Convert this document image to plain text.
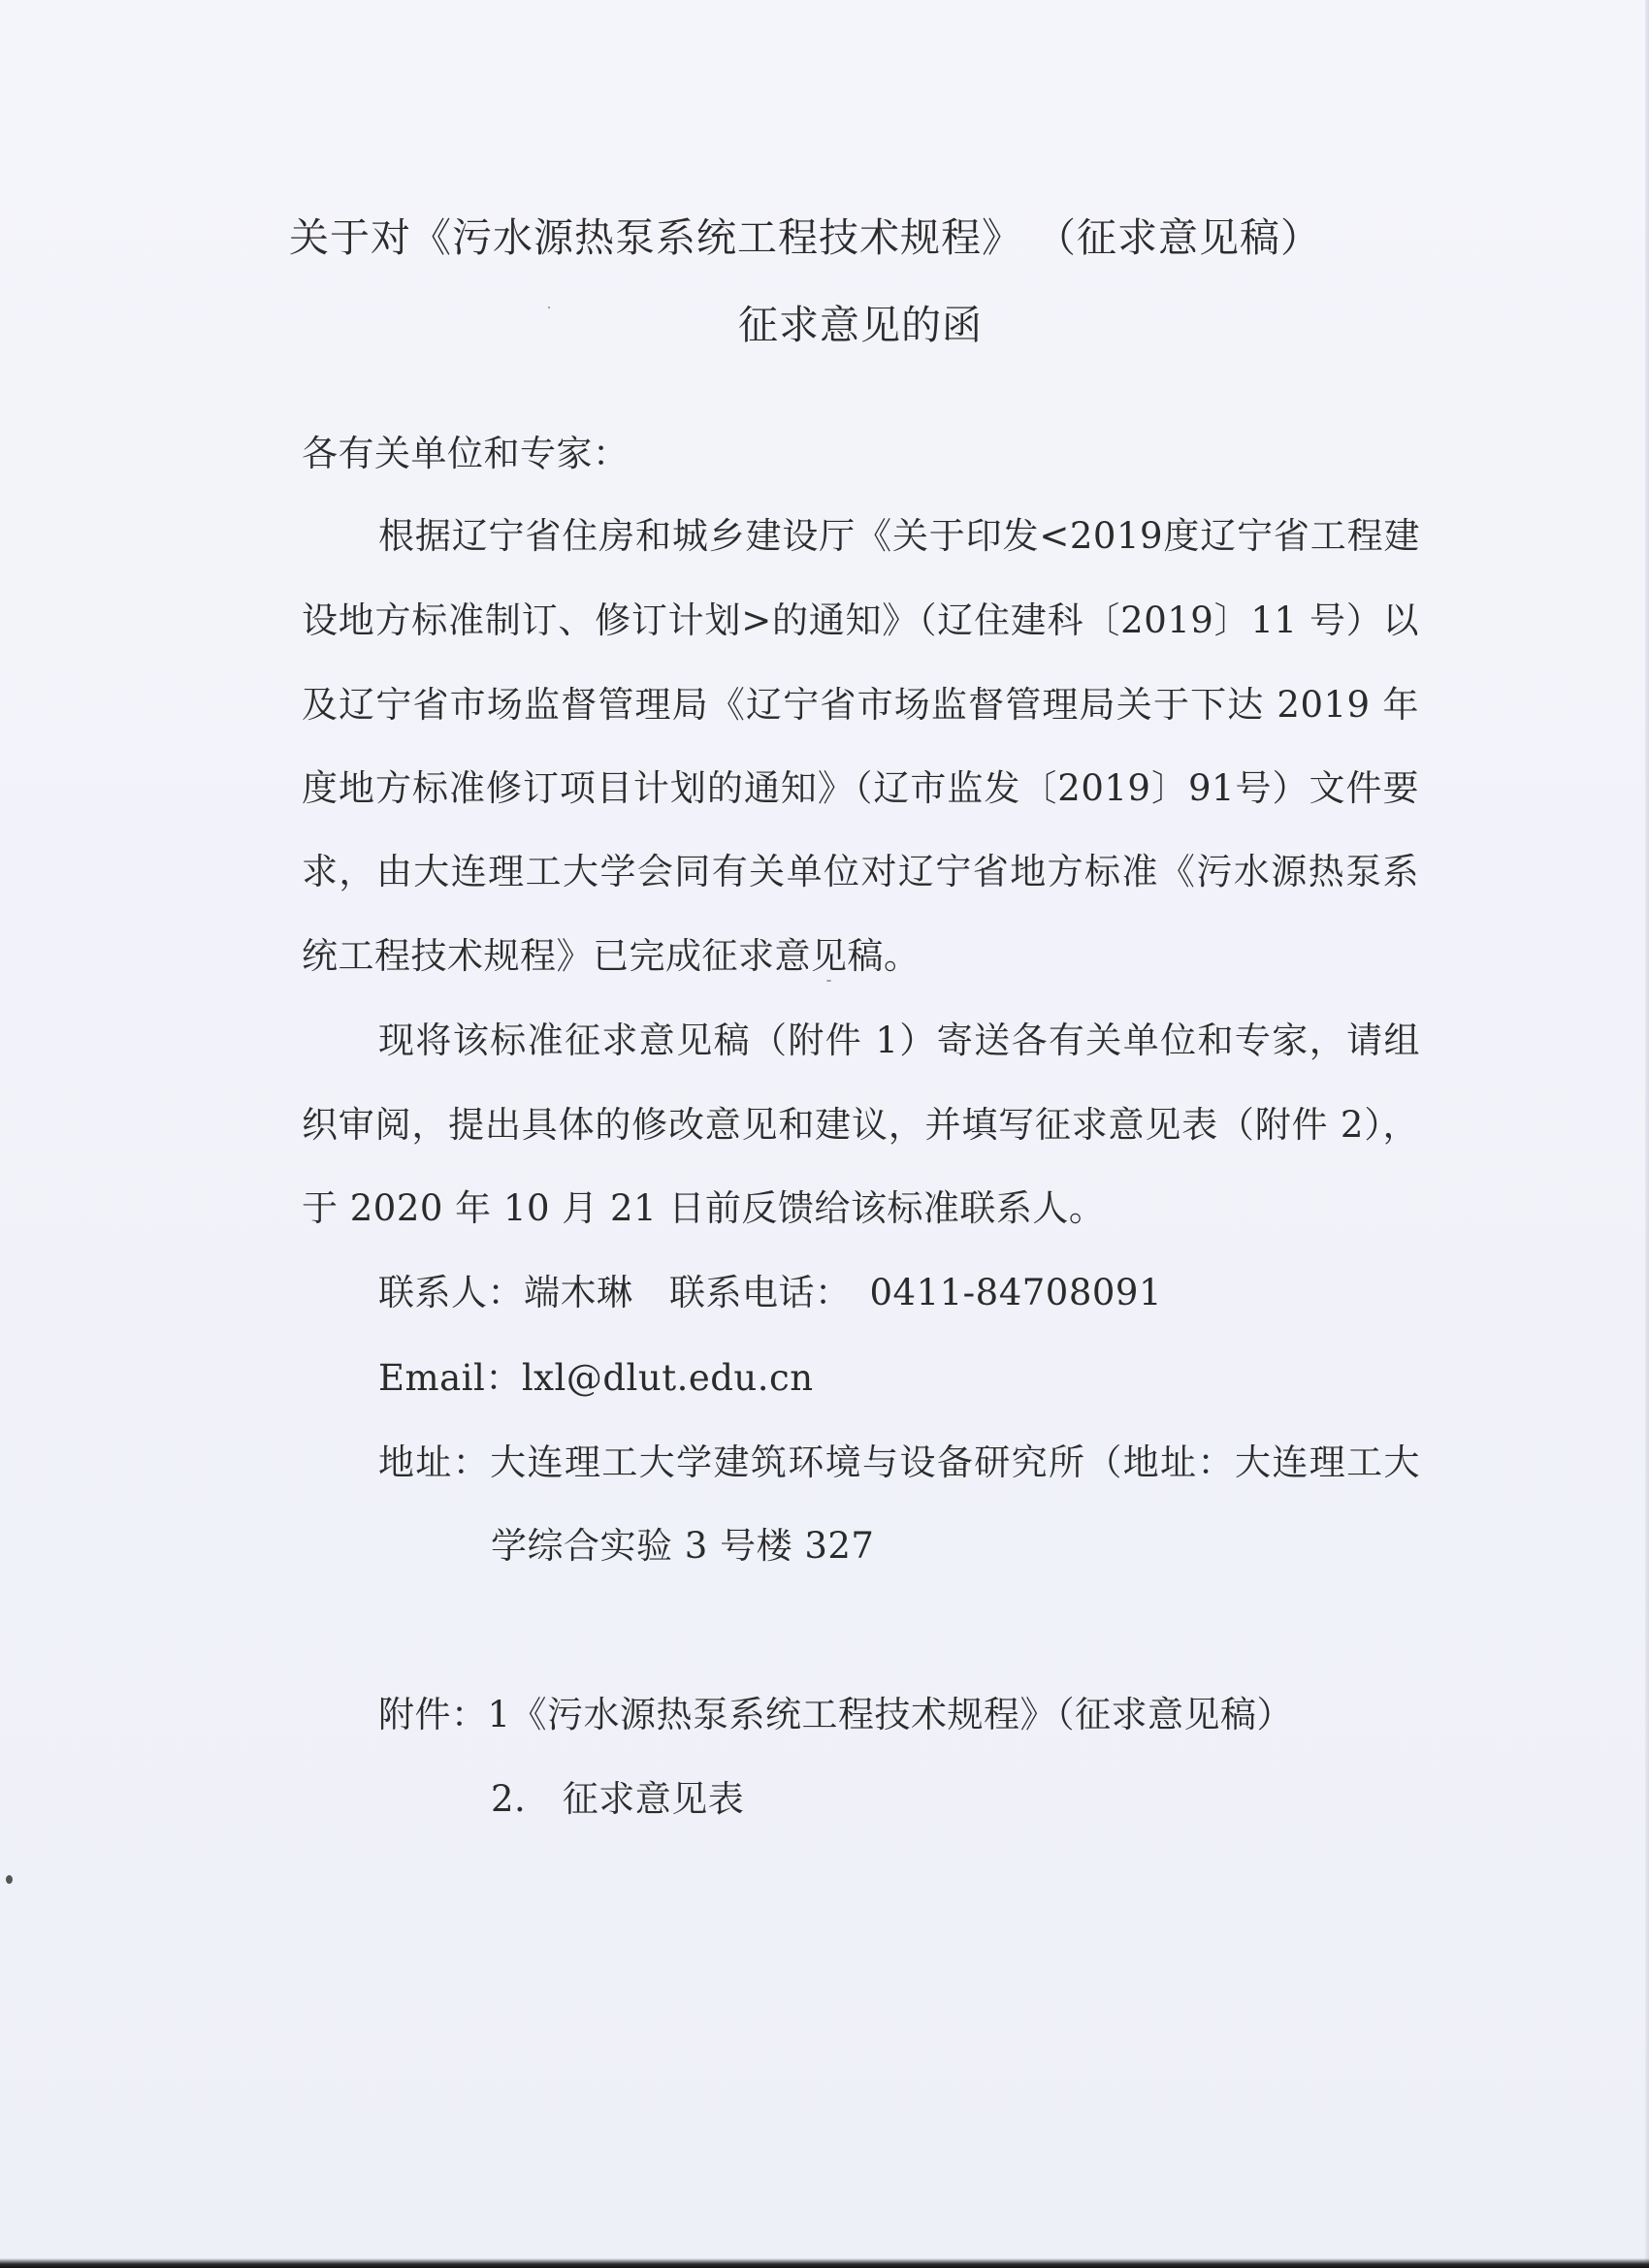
关于对《污水源热泵系统工程技术规程》 （征求意见稿）
征求意见的函
各有关单位和专家：
根据辽宁省住房和城乡建设厅《关于印发<2019度辽宁省工程建
设地方标准制订、修订计划>的通知》（辽住建科〔2019〕11 号）以
及辽宁省市场监督管理局《辽宁省市场监督管理局关于下达 2019 年
度地方标准修订项目计划的通知》（辽市监发〔2019〕91号）文件要
求，由大连理工大学会同有关单位对辽宁省地方标准《污水源热泵系
统工程技术规程》已完成征求意见稿。
现将该标准征求意见稿（附件 1）寄送各有关单位和专家，请组
织审阅，提出具体的修改意见和建议，并填写征求意见表（附件 2），
于 2020 年 10 月 21 日前反馈给该标准联系人。
联系人：端木琳　联系电话：　0411-84708091
Email：lxl@dlut.edu.cn
地址：大连理工大学建筑环境与设备研究所（地址：大连理工大
学综合实验 3 号楼 327
附件：1《污水源热泵系统工程技术规程》（征求意见稿）
2.　征求意见表
